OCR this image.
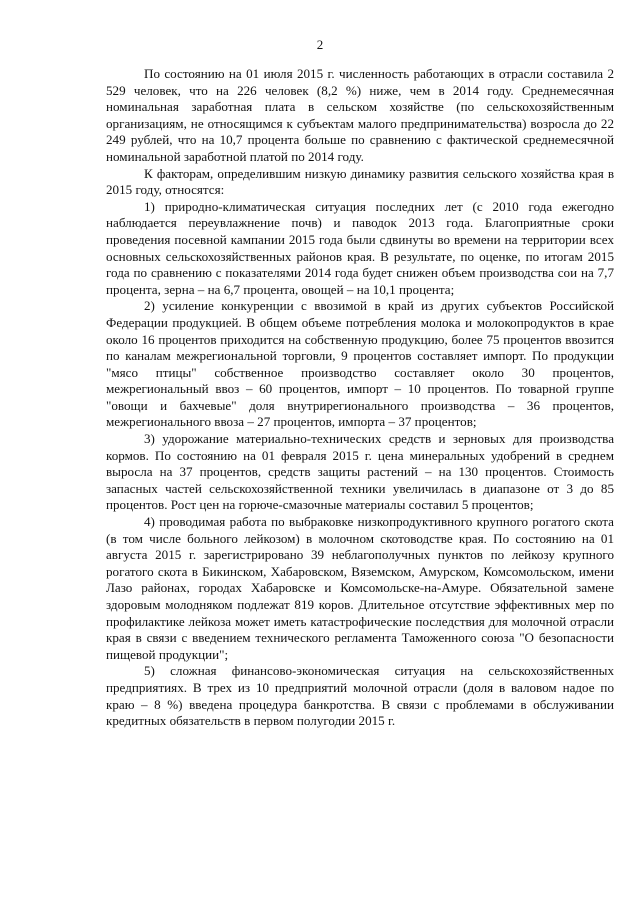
2

По состоянию на 01 июля 2015 г. численность работающих в отрасли составила 2 529 человек, что на 226 человек (8,2 %) ниже, чем в 2014 году. Среднемесячная номинальная заработная плата в сельском хозяйстве (по сельскохозяйственным организациям, не относящимся к субъектам малого предпринимательства) возросла до 22 249 рублей, что на 10,7 процента больше по сравнению с фактической среднемесячной номинальной заработной платой по 2014 году.

К факторам, определившим низкую динамику развития сельского хозяйства края в 2015 году, относятся:

1) природно-климатическая ситуация последних лет (с 2010 года ежегодно наблюдается переувлажнение почв) и паводок 2013 года. Благоприятные сроки проведения посевной кампании 2015 года были сдвинуты во времени на территории всех основных сельскохозяйственных районов края. В результате, по оценке, по итогам 2015 года по сравнению с показателями 2014 года будет снижен объем производства сои на 7,7 процента, зерна – на 6,7 процента, овощей – на 10,1 процента;

2) усиление конкуренции с ввозимой в край из других субъектов Российской Федерации продукцией. В общем объеме потребления молока и молокопродуктов в крае около 16 процентов приходится на собственную продукцию, более 75 процентов ввозится по каналам межрегиональной торговли, 9 процентов составляет импорт. По продукции "мясо птицы" собственное производство составляет около 30 процентов, межрегиональный ввоз – 60 процентов, импорт – 10 процентов. По товарной группе "овощи и бахчевые" доля внутрирегионального производства – 36 процентов, межрегионального ввоза – 27 процентов, импорта – 37 процентов;

3) удорожание материально-технических средств и зерновых для производства кормов. По состоянию на 01 февраля 2015 г. цена минеральных удобрений в среднем выросла на 37 процентов, средств защиты растений – на 130 процентов. Стоимость запасных частей сельскохозяйственной техники увеличилась в диапазоне от 3 до 85 процентов. Рост цен на горюче-смазочные материалы составил 5 процентов;

4) проводимая работа по выбраковке низкопродуктивного крупного рогатого скота (в том числе больного лейкозом) в молочном скотоводстве края. По состоянию на 01 августа 2015 г. зарегистрировано 39 неблагополучных пунктов по лейкозу крупного рогатого скота в Бикинском, Хабаровском, Вяземском, Амурском, Комсомольском, имени Лазо районах, городах Хабаровске и Комсомольске-на-Амуре. Обязательной замене здоровым молодняком подлежат 819 коров. Длительное отсутствие эффективных мер по профилактике лейкоза может иметь катастрофические последствия для молочной отрасли края в связи с введением технического регламента Таможенного союза "О безопасности пищевой продукции";

5) сложная финансово-экономическая ситуация на сельскохозяйственных предприятиях. В трех из 10 предприятий молочной отрасли (доля в валовом надое по краю – 8 %) введена процедура банкротства. В связи с проблемами в обслуживании кредитных обязательств в первом полугодии 2015 г.
